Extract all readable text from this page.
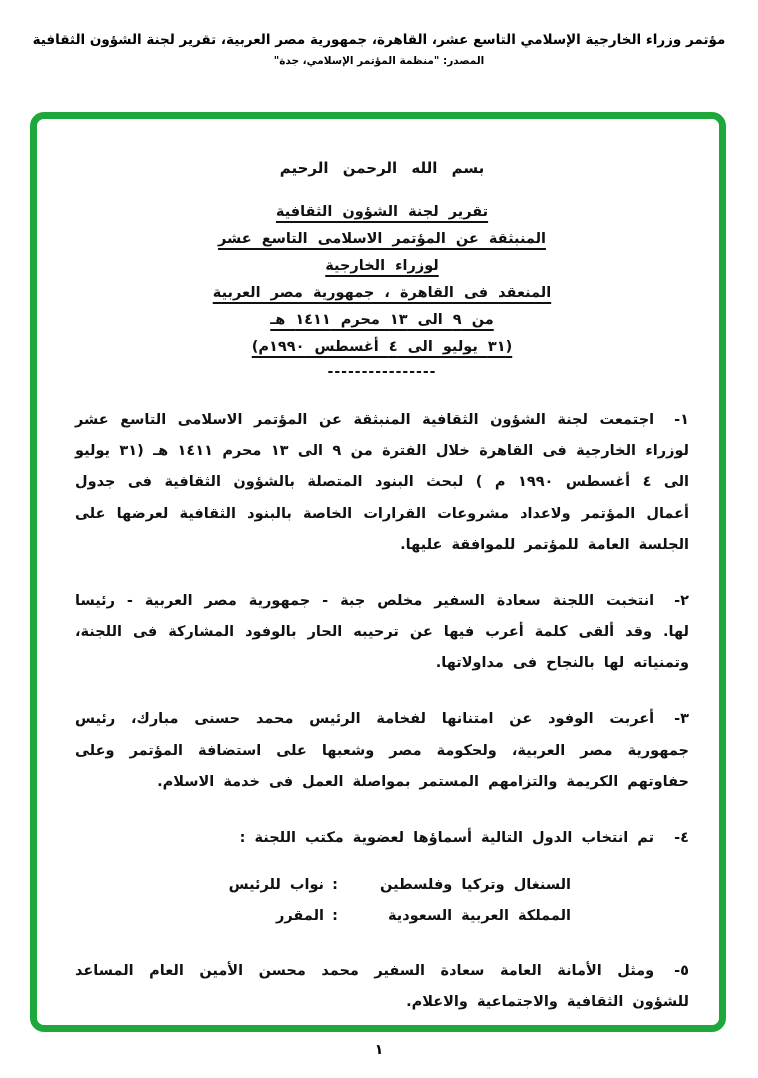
مؤتمر وزراء الخارجية الإسلامي التاسع عشر، القاهرة، جمهورية مصر العربية، تقرير لجنة الشؤون الثقافية
المصدر: "منظمة المؤتمر الإسلامي، جدة"
بسم الله الرحمن الرحيم
تقرير لجنة الشؤون الثقافية
المنبثقة عن المؤتمر الاسلامى التاسع عشر
لوزراء الخارجية
المنعقد فى القاهرة ، جمهورية مصر العربية
من ٩ الى ١٣ محرم ١٤١١ هـ
(٣١ يوليو الى ٤ أغسطس ١٩٩٠م)
----------------
١-اجتمعت لجنة الشؤون الثقافية المنبثقة عن المؤتمر الاسلامى التاسع عشر لوزراء الخارجية فى القاهرة خلال الفترة من ٩ الى ١٣ محرم ١٤١١ هـ (٣١ يوليو الى ٤ أغسطس ١٩٩٠ م ) لبحث البنود المتصلة بالشؤون الثقافية فى جدول أعمال المؤتمر ولاعداد مشروعات القرارات الخاصة بالبنود الثقافية لعرضها على الجلسة العامة للمؤتمر للموافقة عليها.
٢-انتخبت اللجنة سعادة السفير مخلص جبة - جمهورية مصر العربية - رئيسا لها. وقد ألقى كلمة أعرب فيها عن ترحيبه الحار بالوفود المشاركة فى اللجنة، وتمنياته لها بالنجاح فى مداولاتها.
٣-أعربت الوفود عن امتنانها لفخامة الرئيس محمد حسنى مبارك، رئيس جمهورية مصر العربية، ولحكومة مصر وشعبها على استضافة المؤتمر وعلى حفاوتهم الكريمة والتزامهم المستمر بمواصلة العمل فى خدمة الاسلام.
٤-تم انتخاب الدول التالية أسماؤها لعضوية مكتب اللجنة :
السنغال وتركيا وفلسطين
:
نواب للرئيس
المملكة العربية السعودية
:
المقرر
٥-ومثل الأمانة العامة سعادة السفير محمد محسن الأمين العام المساعد للشؤون الثقافية والاجتماعية والاعلام.
١
